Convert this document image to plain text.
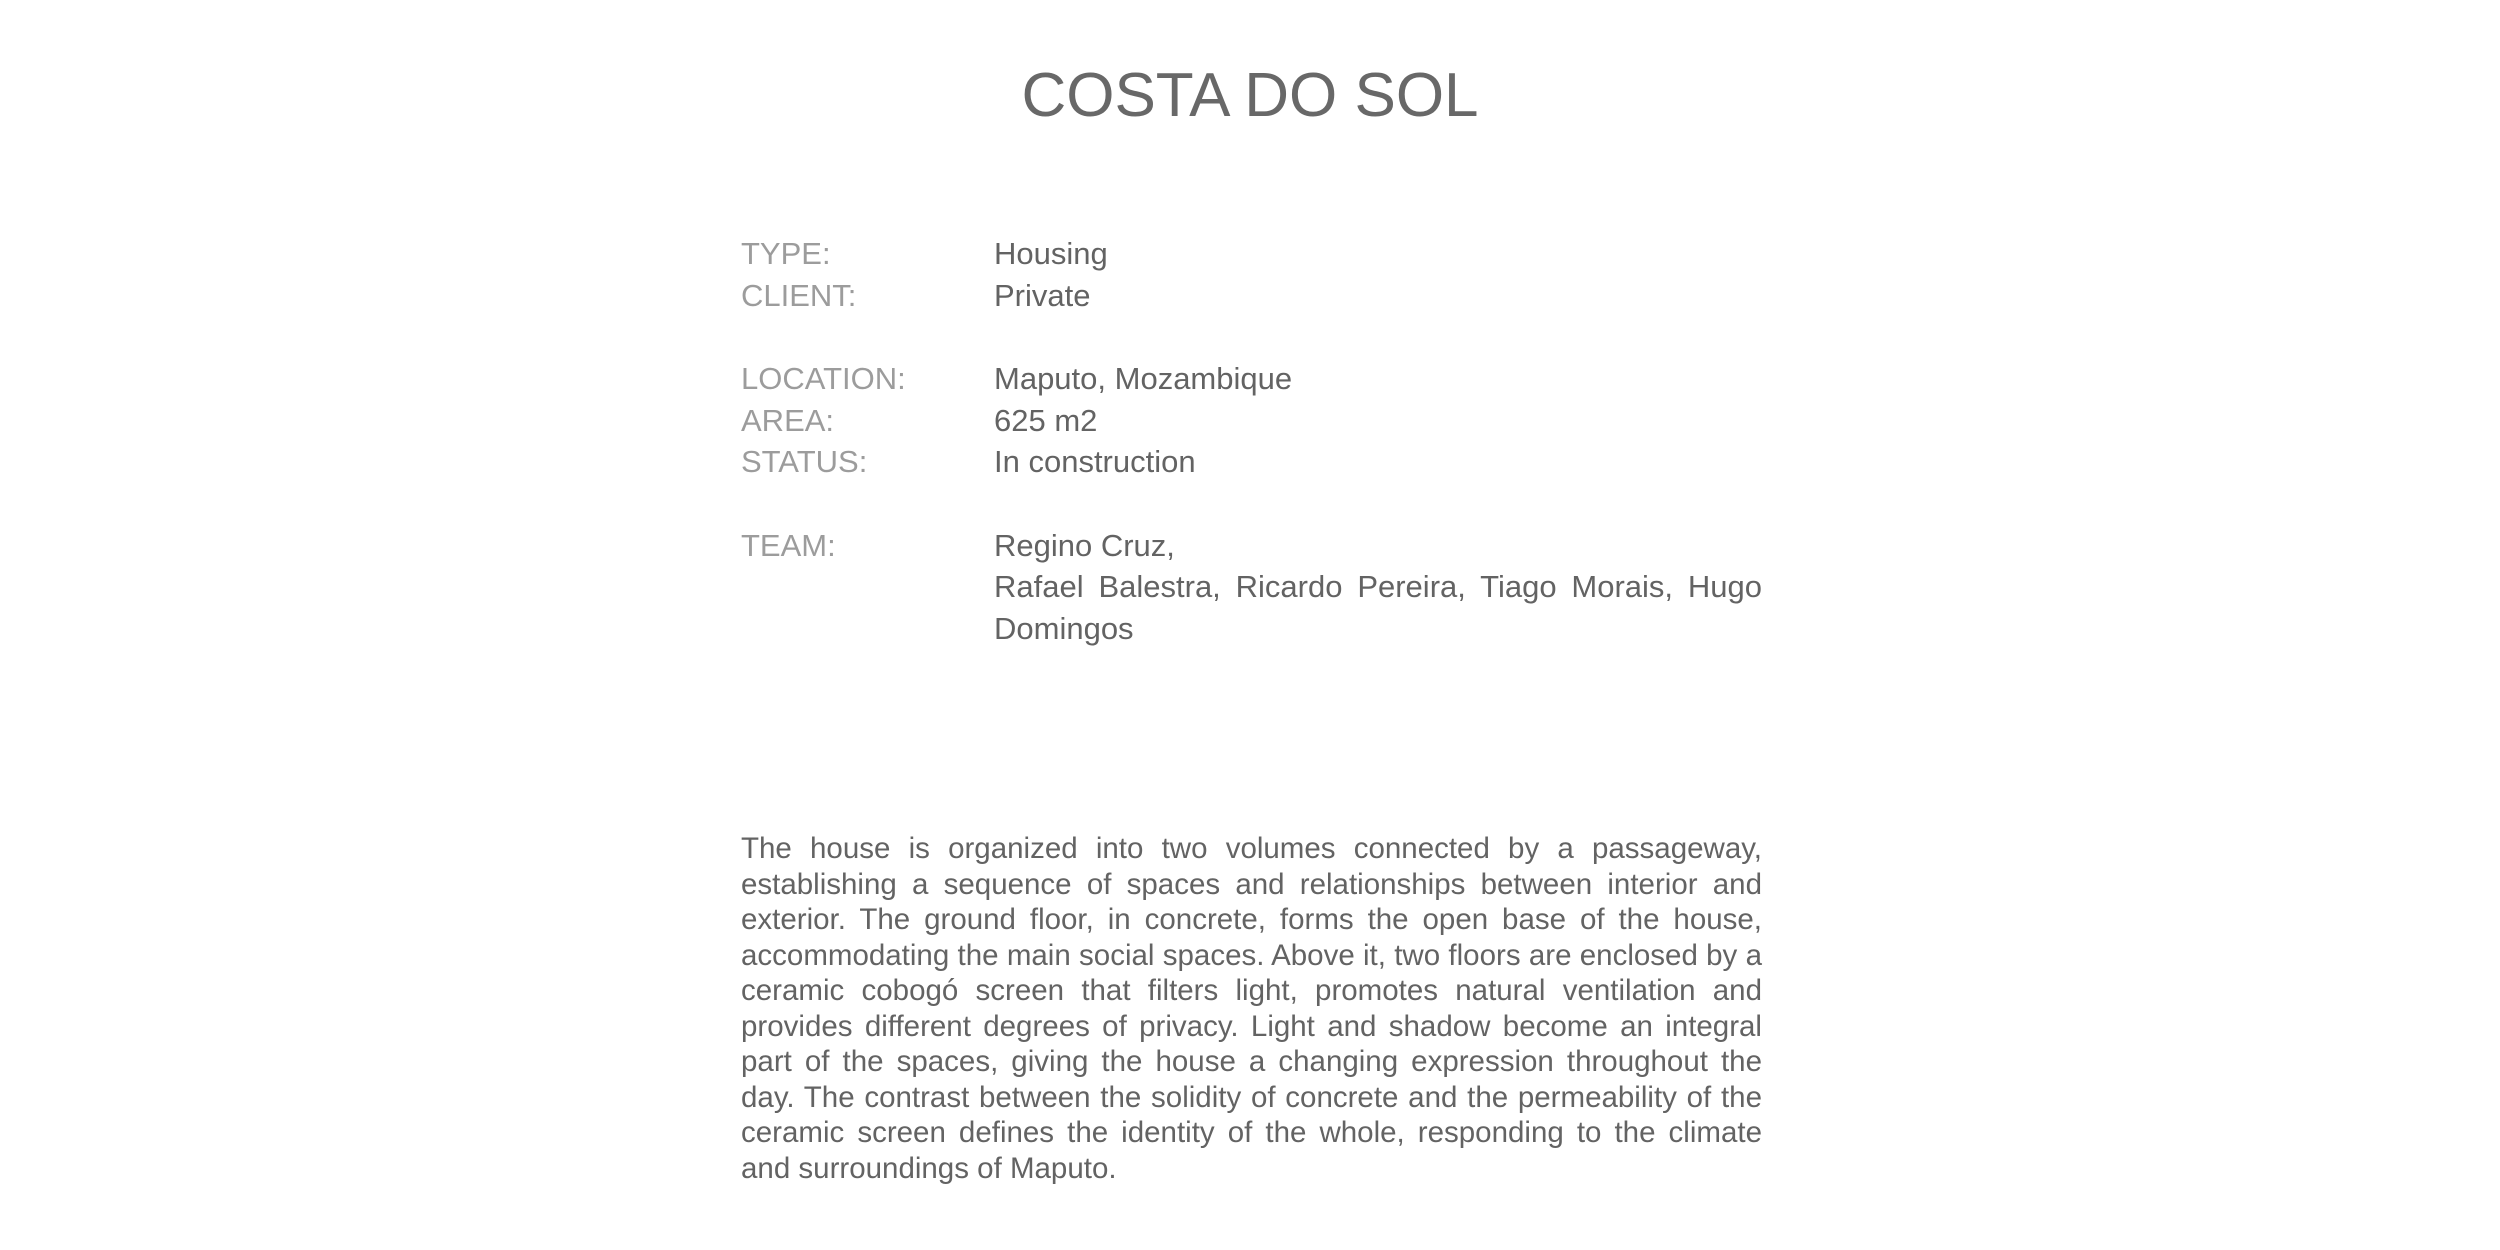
COSTA DO SOL
TYPE:	Housing
CLIENT:	Private
LOCATION:	Maputo, Mozambique
AREA:	625 m2
STATUS:	In construction
TEAM:	Regino Cruz,
Rafael Balestra, Ricardo Pereira, Tiago Morais, Hugo Domingos

The house is organized into two volumes connected by a passageway, establishing a sequence of spaces and relationships between interior and exterior. The ground floor, in concrete, forms the open base of the house, accommodating the main social spaces. Above it, two floors are enclosed by a ceramic cobogó screen that filters light, promotes natural ventilation and provides different degrees of privacy. Light and shadow become an integral part of the spaces, giving the house a changing expression throughout the day. The contrast between the solidity of concrete and the permeability of the ceramic screen defines the identity of the whole, responding to the climate and surroundings of Maputo.
